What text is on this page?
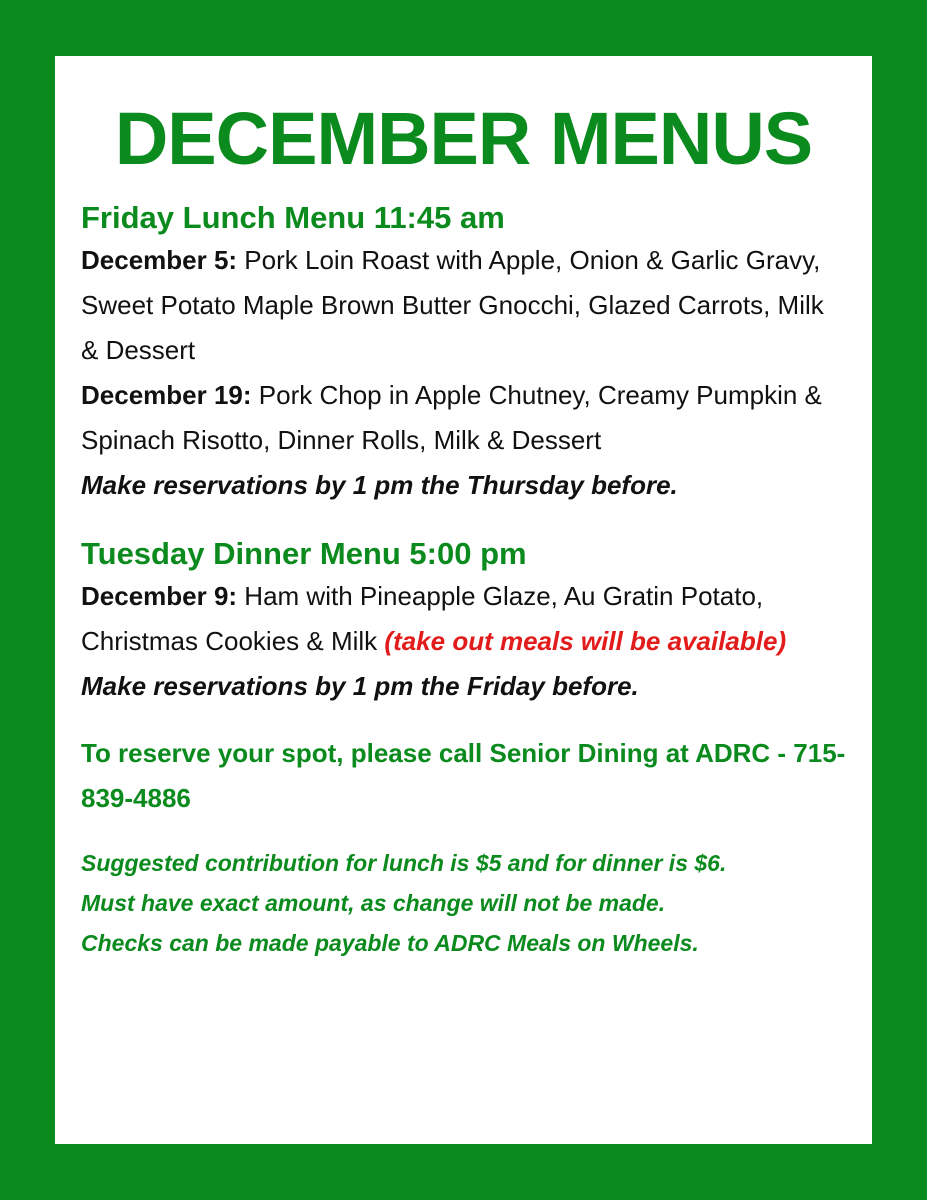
DECEMBER MENUS
Friday Lunch Menu 11:45 am

December 5: Pork Loin Roast with Apple, Onion & Garlic Gravy, Sweet Potato Maple Brown Butter Gnocchi, Glazed Carrots, Milk & Dessert

December 19: Pork Chop in Apple Chutney, Creamy Pumpkin & Spinach Risotto, Dinner Rolls, Milk & Dessert

Make reservations by 1 pm the Thursday before.

Tuesday Dinner Menu 5:00 pm

December 9: Ham with Pineapple Glaze, Au Gratin Potato, Christmas Cookies & Milk (take out meals will be available)

Make reservations by 1 pm the Friday before.

To reserve your spot, please call Senior Dining at ADRC - 715-839-4886

Suggested contribution for lunch is $5 and for dinner is $6.
Must have exact amount, as change will not be made.
Checks can be made payable to ADRC Meals on Wheels.
